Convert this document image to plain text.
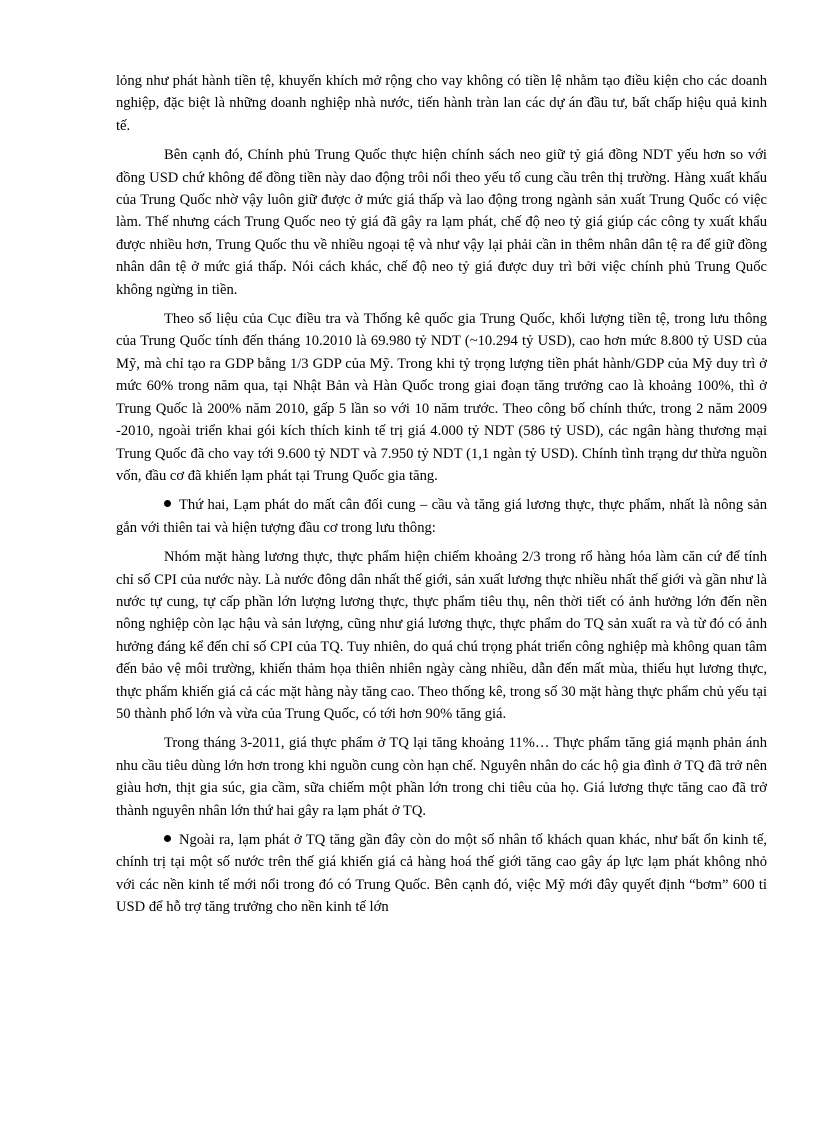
lỏng như phát hành tiền tệ, khuyến khích mở rộng cho vay không có tiền lệ nhằm tạo điều kiện cho các doanh nghiệp, đặc biệt là những doanh nghiệp nhà nước, tiến hành tràn lan các dự án đầu tư, bất chấp hiệu quả kinh tế.

Bên cạnh đó, Chính phủ Trung Quốc thực hiện chính sách neo giữ tỷ giá đồng NDT yếu hơn so với đồng USD chứ không để đồng tiền này dao động trôi nổi theo yếu tố cung cầu trên thị trường. Hàng xuất khẩu của Trung Quốc nhờ vậy luôn giữ được ở mức giá thấp và lao động trong ngành sản xuất Trung Quốc có việc làm. Thế nhưng cách Trung Quốc neo tỷ giá đã gây ra lạm phát, chế độ neo tỷ giá giúp các công ty xuất khẩu được nhiều hơn, Trung Quốc thu về nhiều ngoại tệ và như vậy lại phải cần in thêm nhân dân tệ ra để giữ đồng nhân dân tệ ở mức giá thấp. Nói cách khác, chế độ neo tỷ giá được duy trì bởi việc chính phủ Trung Quốc không ngừng in tiền.

Theo số liệu của Cục điều tra và Thống kê quốc gia Trung Quốc, khối lượng tiền tệ, trong lưu thông của Trung Quốc tính đến tháng 10.2010 là 69.980 tỷ NDT (~10.294 tỷ USD), cao hơn mức 8.800 tỷ USD của Mỹ, mà chỉ tạo ra GDP bằng 1/3 GDP của Mỹ. Trong khi tỷ trọng lượng tiền phát hành/GDP của Mỹ duy trì ở mức 60% trong năm qua, tại Nhật Bản và Hàn Quốc trong giai đoạn tăng trưởng cao là khoảng 100%, thì ở Trung Quốc là 200% năm 2010, gấp 5 lần so với 10 năm trước. Theo công bố chính thức, trong 2 năm 2009 -2010, ngoài triển khai gói kích thích kinh tế trị giá 4.000 tỷ NDT (586 tỷ USD), các ngân hàng thương mại Trung Quốc đã cho vay tới 9.600 tỷ NDT và 7.950 tỷ NDT (1,1 ngàn tỷ USD). Chính tình trạng dư thừa nguồn vốn, đầu cơ đã khiến lạm phát tại Trung Quốc gia tăng.

Thứ hai, Lạm phát do mất cân đối cung – cầu và tăng giá lương thực, thực phẩm, nhất là nông sản gắn với thiên tai và hiện tượng đầu cơ trong lưu thông:

Nhóm mặt hàng lương thực, thực phẩm hiện chiếm khoảng 2/3 trong rổ hàng hóa làm căn cứ để tính chỉ số CPI của nước này. Là nước đông dân nhất thế giới, sản xuất lương thực nhiều nhất thế giới và gần như là nước tự cung, tự cấp phần lớn lượng lương thực, thực phẩm tiêu thụ, nên thời tiết có ảnh hưởng lớn đến nền nông nghiệp còn lạc hậu và sản lượng, cũng như giá lương thực, thực phẩm do TQ sản xuất ra và từ đó có ảnh hưởng đáng kể đến chỉ số CPI của TQ. Tuy nhiên, do quá chú trọng phát triển công nghiệp mà không quan tâm đến bảo vệ môi trường, khiến thảm họa thiên nhiên ngày càng nhiều, dẫn đến mất mùa, thiếu hụt lương thực, thực phẩm khiến giá cả các mặt hàng này tăng cao. Theo thống kê, trong số 30 mặt hàng thực phẩm chủ yếu tại 50 thành phố lớn và vừa của Trung Quốc, có tới hơn 90% tăng giá.

Trong tháng 3-2011, giá thực phẩm ở TQ lại tăng khoảng 11%… Thực phẩm tăng giá mạnh phản ánh nhu cầu tiêu dùng lớn hơn trong khi nguồn cung còn hạn chế. Nguyên nhân do các hộ gia đình ở TQ đã trở nên giàu hơn, thịt gia súc, gia cầm, sữa chiếm một phần lớn trong chi tiêu của họ. Giá lương thực tăng cao đã trở thành nguyên nhân lớn thứ hai gây ra lạm phát ở TQ.

Ngoài ra, lạm phát ở TQ tăng gần đây còn do một số nhân tố khách quan khác, như bất ổn kinh tế, chính trị tại một số nước trên thế giá khiến giá cả hàng hoá thế giới tăng cao gây áp lực lạm phát không nhỏ với các nền kinh tế mới nổi trong đó có Trung Quốc. Bên cạnh đó, việc Mỹ mới đây quyết định “bơm” 600 tỉ USD để hỗ trợ tăng trưởng cho nền kinh tế lớn
